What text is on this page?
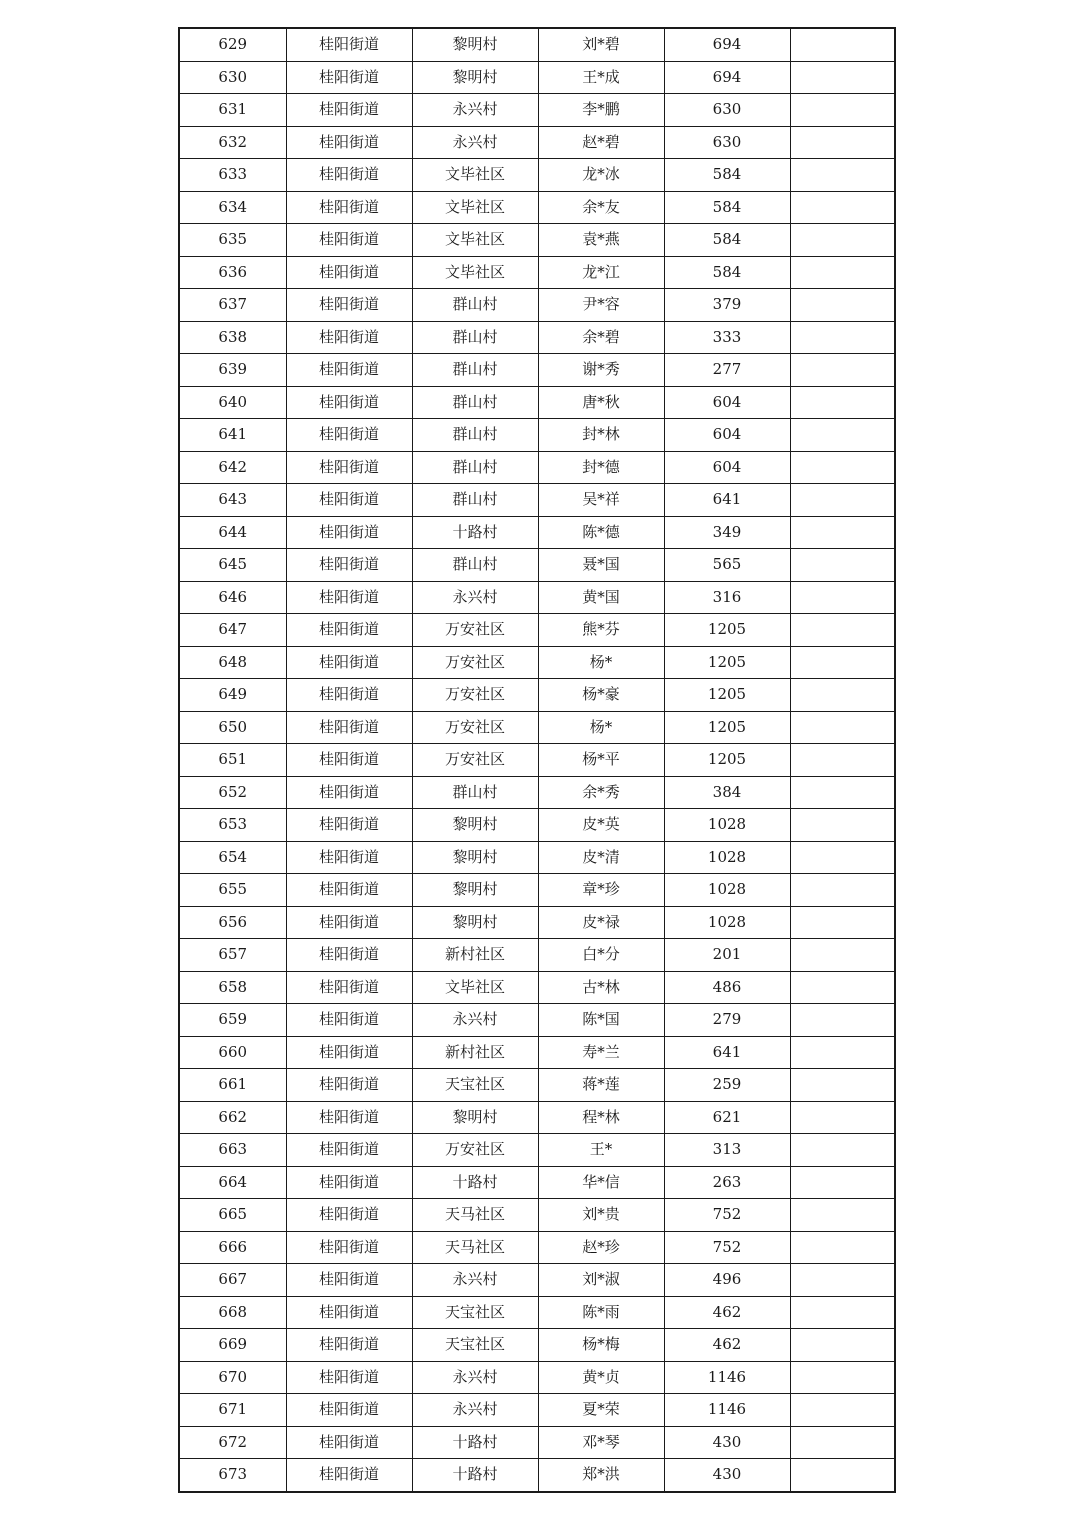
629	桂阳街道	黎明村	刘*碧	694	
630	桂阳街道	黎明村	王*成	694	
631	桂阳街道	永兴村	李*鹏	630	
632	桂阳街道	永兴村	赵*碧	630	
633	桂阳街道	文毕社区	龙*冰	584	
634	桂阳街道	文毕社区	余*友	584	
635	桂阳街道	文毕社区	袁*燕	584	
636	桂阳街道	文毕社区	龙*江	584	
637	桂阳街道	群山村	尹*容	379	
638	桂阳街道	群山村	余*碧	333	
639	桂阳街道	群山村	谢*秀	277	
640	桂阳街道	群山村	唐*秋	604	
641	桂阳街道	群山村	封*林	604	
642	桂阳街道	群山村	封*德	604	
643	桂阳街道	群山村	吴*祥	641	
644	桂阳街道	十路村	陈*德	349	
645	桂阳街道	群山村	聂*国	565	
646	桂阳街道	永兴村	黄*国	316	
647	桂阳街道	万安社区	熊*芬	1205	
648	桂阳街道	万安社区	杨*	1205	
649	桂阳街道	万安社区	杨*豪	1205	
650	桂阳街道	万安社区	杨*	1205	
651	桂阳街道	万安社区	杨*平	1205	
652	桂阳街道	群山村	余*秀	384	
653	桂阳街道	黎明村	皮*英	1028	
654	桂阳街道	黎明村	皮*清	1028	
655	桂阳街道	黎明村	章*珍	1028	
656	桂阳街道	黎明村	皮*禄	1028	
657	桂阳街道	新村社区	白*分	201	
658	桂阳街道	文毕社区	古*林	486	
659	桂阳街道	永兴村	陈*国	279	
660	桂阳街道	新村社区	寿*兰	641	
661	桂阳街道	天宝社区	蒋*莲	259	
662	桂阳街道	黎明村	程*林	621	
663	桂阳街道	万安社区	王*	313	
664	桂阳街道	十路村	华*信	263	
665	桂阳街道	天马社区	刘*贵	752	
666	桂阳街道	天马社区	赵*珍	752	
667	桂阳街道	永兴村	刘*淑	496	
668	桂阳街道	天宝社区	陈*雨	462	
669	桂阳街道	天宝社区	杨*梅	462	
670	桂阳街道	永兴村	黄*贞	1146	
671	桂阳街道	永兴村	夏*荣	1146	
672	桂阳街道	十路村	邓*琴	430	
673	桂阳街道	十路村	郑*洪	430	
